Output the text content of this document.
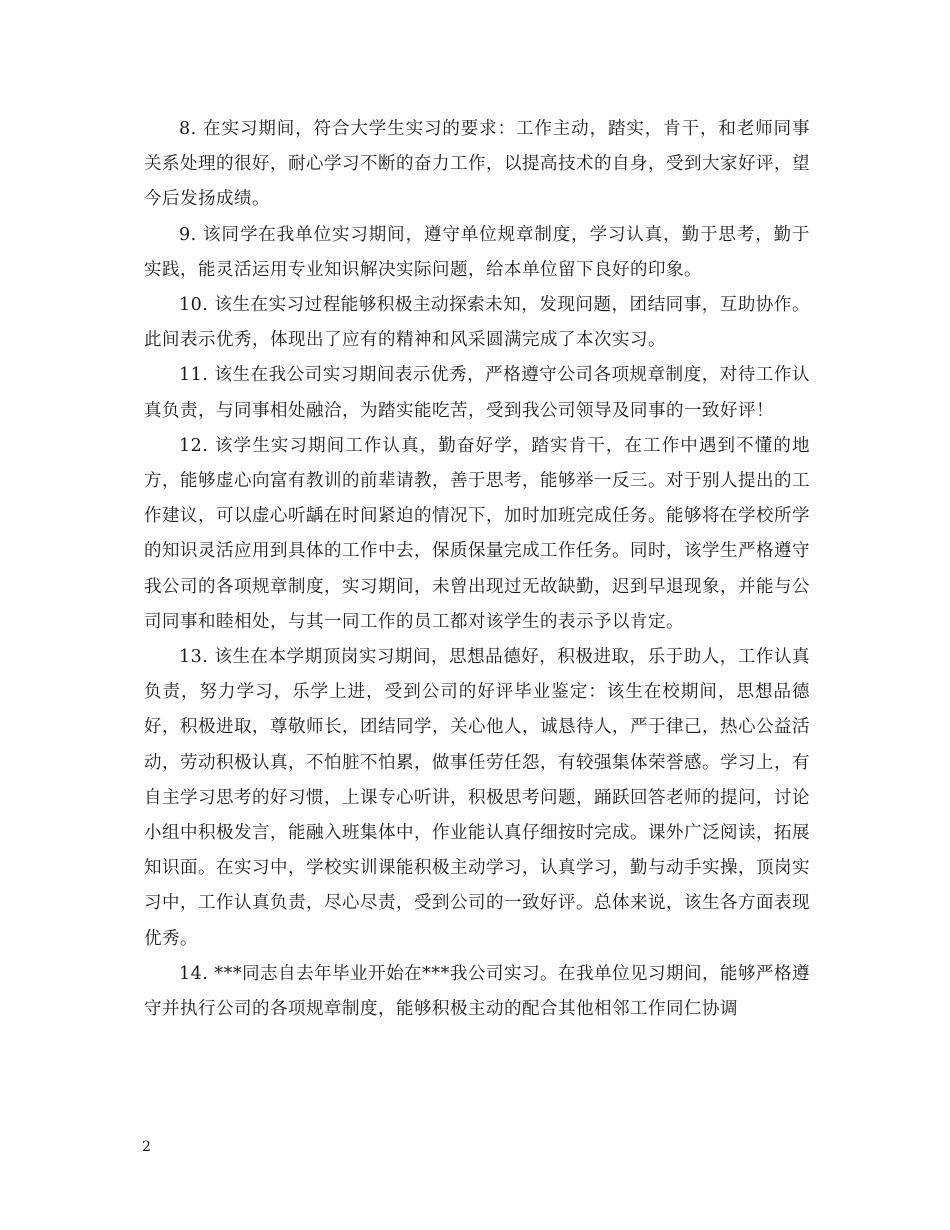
8. 在实习期间，符合大学生实习的要求：工作主动，踏实，肯干，和老师同事关系处理的很好，耐心学习不断的奋力工作，以提高技术的自身，受到大家好评，望今后发扬成绩。

9. 该同学在我单位实习期间，遵守单位规章制度，学习认真，勤于思考，勤于实践，能灵活运用专业知识解决实际问题，给本单位留下良好的印象。

10. 该生在实习过程能够积极主动探索未知，发现问题，团结同事，互助协作。此间表示优秀，体现出了应有的精神和风采圆满完成了本次实习。

11. 该生在我公司实习期间表示优秀，严格遵守公司各项规章制度，对待工作认真负责，与同事相处融洽，为踏实能吃苦，受到我公司领导及同事的一致好评！

12. 该学生实习期间工作认真，勤奋好学，踏实肯干，在工作中遇到不懂的地方，能够虚心向富有教训的前辈请教，善于思考，能够举一反三。对于别人提出的工作建议，可以虚心听龋在时间紧迫的情况下，加时加班完成任务。能够将在学校所学的知识灵活应用到具体的工作中去，保质保量完成工作任务。同时，该学生严格遵守我公司的各项规章制度，实习期间，未曾出现过无故缺勤，迟到早退现象，并能与公司同事和睦相处，与其一同工作的员工都对该学生的表示予以肯定。

13. 该生在本学期顶岗实习期间，思想品德好，积极进取，乐于助人，工作认真负责，努力学习，乐学上进，受到公司的好评毕业鉴定：该生在校期间，思想品德好，积极进取，尊敬师长，团结同学，关心他人，诚恳待人，严于律己，热心公益活动，劳动积极认真，不怕脏不怕累，做事任劳任怨，有较强集体荣誉感。学习上，有自主学习思考的好习惯，上课专心听讲，积极思考问题，踊跃回答老师的提问，讨论小组中积极发言，能融入班集体中，作业能认真仔细按时完成。课外广泛阅读，拓展知识面。在实习中，学校实训课能积极主动学习，认真学习，勤与动手实操，顶岗实习中，工作认真负责，尽心尽责，受到公司的一致好评。总体来说，该生各方面表现优秀。

14. ***同志自去年毕业开始在***我公司实习。在我单位见习期间，能够严格遵守并执行公司的各项规章制度，能够积极主动的配合其他相邻工作同仁协调

2
